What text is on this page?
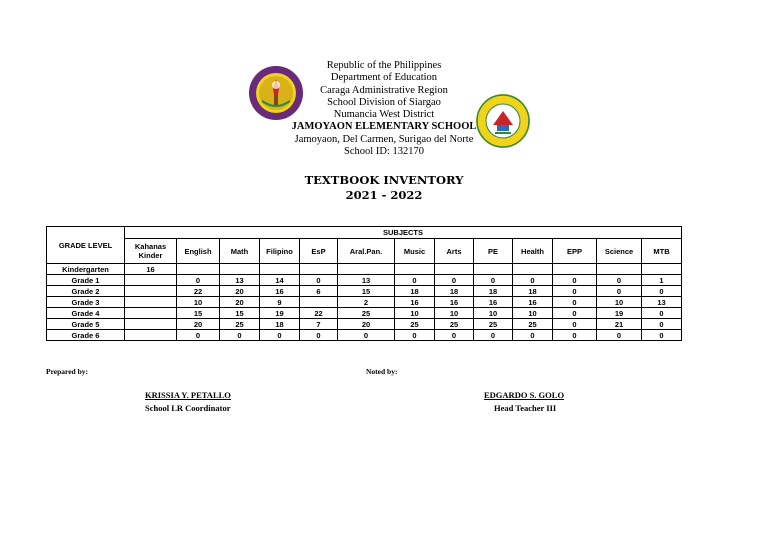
Republic of the Philippines
Department of Education
Caraga Administrative Region
School Division of Siargao
Numancia West District
JAMOYAON ELEMENTARY SCHOOL
Jamoyaon, Del Carmen, Surigao del Norte
School ID: 132170
TEXTBOOK INVENTORY
2021 - 2022
GRADE LEVEL	SUBJECTS												
	Kahanas Kinder	English	Math	Filipino	EsP	Aral.Pan.	Music	Arts	PE	Health	EPP	Science	MTB
Kindergarten	16												
Grade 1		0	13	14	0	13	0	0	0	0	0	0	1
Grade 2		22	20	16	6	15	18	18	18	18	0	0	0
Grade 3		10	20	9		2	16	16	16	16	0	10	13
Grade 4		15	15	19	22	25	10	10	10	10	0	19	0
Grade 5		20	25	18	7	20	25	25	25	25	0	21	0
Grade 6		0	0	0	0	0	0	0	0	0	0	0	0
Prepared by:	Noted by:
KRISSIA Y. PETALLO
School LR Coordinator
EDGARDO S. GOLO
Head Teacher III
